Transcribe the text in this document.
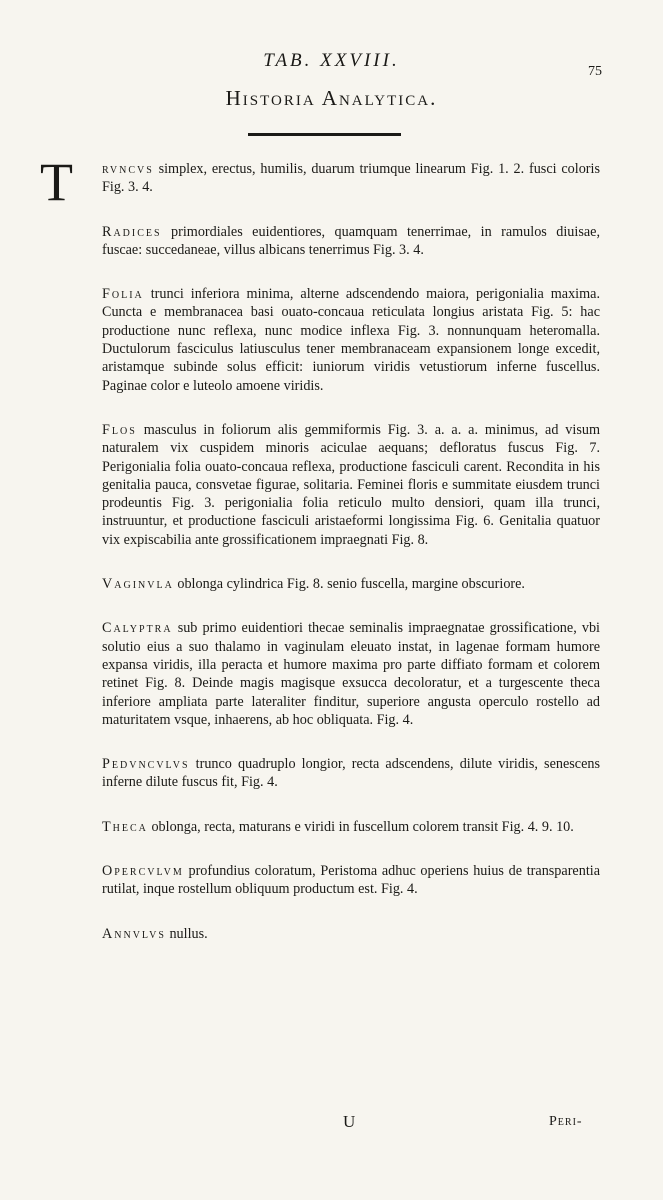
TAB. XXVIII.
75
Historia Analytica.

T rvncvs simplex, erectus, humilis, duarum triumque linearum Fig. 1. 2. fusci coloris Fig. 3. 4.

Radices primordiales euidentiores, quamquam tenerrimae, in ramulos diuisae, fuscae: succedaneae, villus albicans tenerrimus Fig. 3. 4.

Folia trunci inferiora minima, alterne adscendendo maiora, perigonialia maxima. Cuncta e membranacea basi ouato-concaua reticulata longius aristata Fig. 5: hac productione nunc reflexa, nunc modice inflexa Fig. 3. nonnunquam heteromalla. Ductulorum fasciculus latiusculus tener membranaceam expansionem longe excedit, aristamque subinde solus efficit: iuniorum viridis vetustiorum inferne fuscellus. Paginae color e luteolo amoene viridis.

Flos masculus in foliorum alis gemmiformis Fig. 3. a. a. a. minimus, ad visum naturalem vix cuspidem minoris aciculae aequans; defloratus fuscus Fig. 7. Perigonialia folia ouato-concaua reflexa, productione fasciculi carent. Recondita in his genitalia pauca, consvetae figurae, solitaria. Feminei floris e summitate eiusdem trunci prodeuntis Fig. 3. perigonialia folia reticulo multo densiori, quam illa trunci, instruuntur, et productione fasciculi aristaeformi longissima Fig. 6. Genitalia quatuor vix expiscabilia ante grossificationem impraegnati Fig. 8.

Vaginvla oblonga cylindrica Fig. 8. senio fuscella, margine obscuriore.

Calyptra sub primo euidentiori thecae seminalis impraegnatae grossificatione, vbi solutio eius a suo thalamo in vaginulam eleuato instat, in lagenae formam humore expansa viridis, illa peracta et humore maxima pro parte diffiato formam et colorem retinet Fig. 8. Deinde magis magisque exsucca decoloratur, et a turgescente theca inferiore ampliata parte lateraliter finditur, superiore angusta operculo rostello ad maturitatem vsque, inhaerens, ab hoc obliquata. Fig. 4.

Pedvncvlvs trunco quadruplo longior, recta adscendens, dilute viridis, senescens inferne dilute fuscus fit, Fig. 4.

Theca oblonga, recta, maturans e viridi in fuscellum colorem transit Fig. 4. 9. 10.

Opercvlvm profundius coloratum, Peristoma adhuc operiens huius de transparentia rutilat, inque rostellum obliquum productum est. Fig. 4.

Annvlvs nullus.

U	Peri-
